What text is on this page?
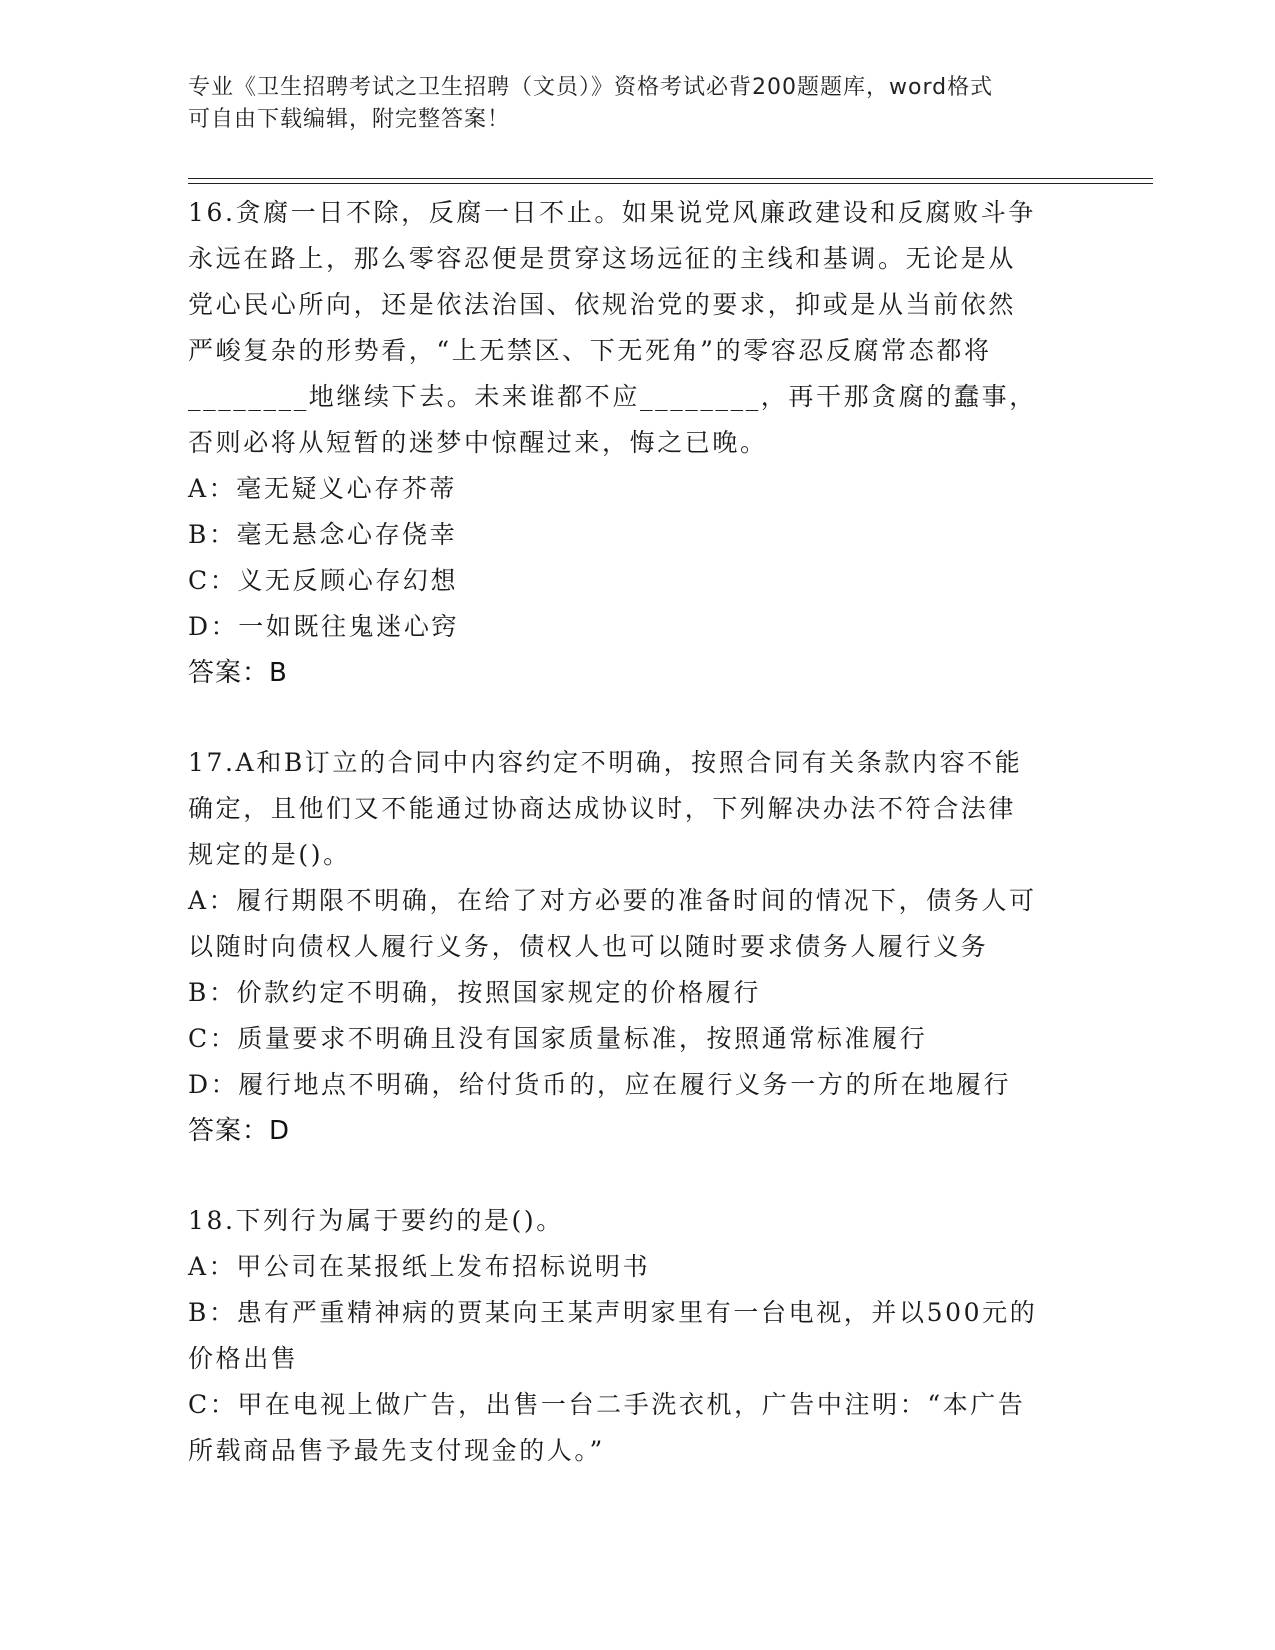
专业《卫生招聘考试之卫生招聘（文员）》资格考试必背200题题库，word格式
可自由下载编辑，附完整答案！
16.贪腐一日不除，反腐一日不止。如果说党风廉政建设和反腐败斗争
永远在路上，那么零容忍便是贯穿这场远征的主线和基调。无论是从
党心民心所向，还是依法治国、依规治党的要求，抑或是从当前依然
严峻复杂的形势看，“上无禁区、下无死角”的零容忍反腐常态都将
________地继续下去。未来谁都不应________，再干那贪腐的蠢事，
否则必将从短暂的迷梦中惊醒过来，悔之已晚。
A：毫无疑义心存芥蒂
B：毫无悬念心存侥幸
C：义无反顾心存幻想
D：一如既往鬼迷心窍
答案：B
17.A和B订立的合同中内容约定不明确，按照合同有关条款内容不能
确定，且他们又不能通过协商达成协议时，下列解决办法不符合法律
规定的是()。
A：履行期限不明确，在给了对方必要的准备时间的情况下，债务人可
以随时向债权人履行义务，债权人也可以随时要求债务人履行义务
B：价款约定不明确，按照国家规定的价格履行
C：质量要求不明确且没有国家质量标准，按照通常标准履行
D：履行地点不明确，给付货币的，应在履行义务一方的所在地履行
答案：D
18.下列行为属于要约的是()。
A：甲公司在某报纸上发布招标说明书
B：患有严重精神病的贾某向王某声明家里有一台电视，并以500元的
价格出售
C：甲在电视上做广告，出售一台二手洗衣机，广告中注明：“本广告
所载商品售予最先支付现金的人。”
